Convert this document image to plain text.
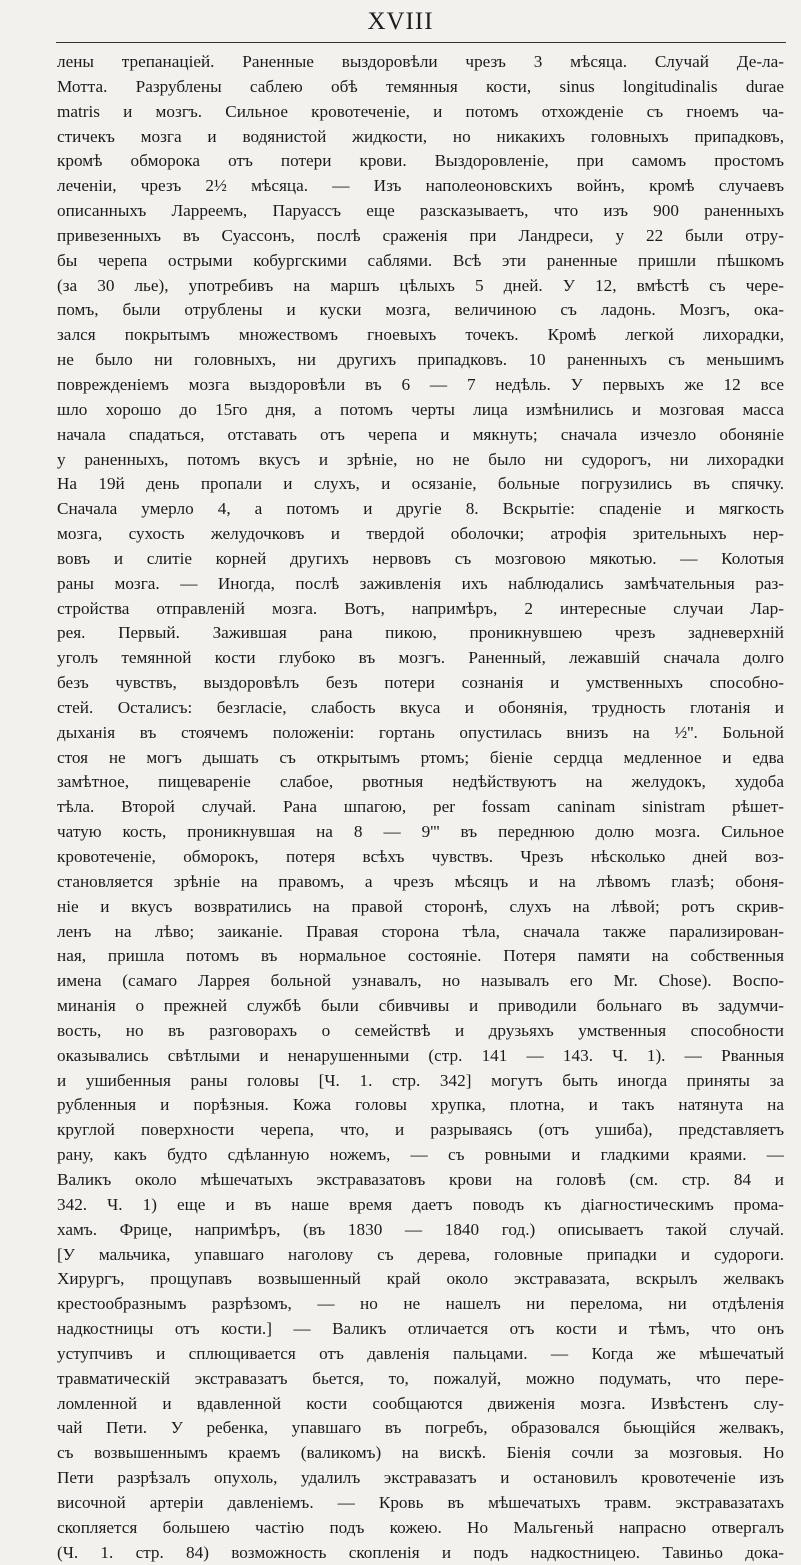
XVIII
лены трепанацiей. Раненные выздоровѣли чрезъ 3 мѣсяца. Случай Де-ла-
Мотта. Разрублены саблею обѣ темянныя кости, sinus longitudinalis durae
matris и мозгъ. Сильное кровотеченiе, и потомъ отхожденiе съ гноемъ ча-
стичекъ мозга и водянистой жидкости, но никакихъ головныхъ припадковъ,
кромѣ обморока отъ потери крови. Выздоровленiе, при самомъ простомъ
леченiи, чрезъ 2½ мѣсяца. — Изъ наполеоновскихъ войнъ, кромѣ случаевъ
описанныхъ Ларреемъ, Паруассъ еще разсказываетъ, что изъ 900 раненныхъ
привезенныхъ въ Суассонъ, послѣ сраженiя при Ландреси, у 22 были отру-
бы черепа острыми кобургскими саблями. Всѣ эти раненные пришли пѣшкомъ
(за 30 лье), употребивъ на маршъ цѣлыхъ 5 дней. У 12, вмѣстѣ съ чере-
помъ, были отрублены и куски мозга, величиною съ ладонь. Мозгъ, ока-
зался покрытымъ множествомъ гноевыхъ точекъ. Кромѣ легкой лихорадки,
не было ни головныхъ, ни другихъ припадковъ. 10 раненныхъ съ меньшимъ
поврежденiемъ мозга выздоровѣли въ 6 — 7 недѣль. У первыхъ же 12 все
шло хорошо до 15го дня, а потомъ черты лица измѣнились и мозговая масса
начала спадаться, отставать отъ черепа и мякнуть; сначала изчезло обонянiе
у раненныхъ, потомъ вкусъ и зрѣнiе, но не было ни судорогъ, ни лихорадки
На 19й день пропали и слухъ, и осязанiе, больные погрузились въ спячку.
Сначала умерло 4, а потомъ и другiе 8. Вскрытiе: спаденiе и мягкость
мозга, сухость желудочковъ и твердой оболочки; атрофiя зрительныхъ нер-
вовъ и слитiе корней другихъ нервовъ съ мозговою мякотью. — Колотыя
раны мозга. — Иногда, послѣ заживленiя ихъ наблюдались замѣчательныя раз-
стройства отправленiй мозга. Вотъ, напримѣръ, 2 интересные случаи Лар-
рея. Первый. Зажившая рана пикою, проникнувшею чрезъ задневерхнiй
уголъ темянной кости глубоко въ мозгъ. Раненный, лежавшiй сначала долго
безъ чувствъ, выздоровѣлъ безъ потери сознанiя и умственныхъ способно-
стей. Осталисъ: безгласiе, слабость вкуса и обонянiя, трудность глотанiя и
дыханiя въ стоячемъ положенiи: гортань опустилась внизъ на ½''. Больной
стоя не могъ дышать съ открытымъ ртомъ; бiенiе сердца медленное и едва
замѣтное, пищеваренiе слабое, рвотныя недѣйствуютъ на желудокъ, худоба
тѣла. Второй случай. Рана шпагою, per fossam caninam sinistram рѣшет-
чатую кость, проникнувшая на 8 — 9''' въ переднюю долю мозга. Сильное
кровотеченiе, обморокъ, потеря всѣхъ чувствъ. Чрезъ нѣсколько дней воз-
становляется зрѣнiе на правомъ, а чрезъ мѣсяцъ и на лѣвомъ глазѣ; обоня-
нiе и вкусъ возвратились на правой сторонѣ, слухъ на лѣвой; ротъ скрив-
ленъ на лѣво; заиканiе. Правая сторона тѣла, сначала также парализирован-
ная, пришла потомъ въ нормальное состоянiе. Потеря памяти на собственныя
имена (самаго Ларрея больной узнавалъ, но называлъ его Mr. Chose). Воспо-
минанiя о прежней службѣ были сбивчивы и приводили больнаго въ задумчи-
вость, но въ разговорахъ о семействѣ и друзьяхъ умственныя способности
оказывались свѣтлыми и ненарушенными (стр. 141 — 143. Ч. 1). — Рванныя
и ушибенныя раны головы [Ч. 1. стр. 342] могутъ быть иногда приняты за
рубленныя и порѣзныя. Кожа головы хрупка, плотна, и такъ натянута на
круглой поверхности черепа, что, и разрываясь (отъ ушиба), представляетъ
рану, какъ будто сдѣланную ножемъ, — съ ровными и гладкими краями. —
Валикъ около мѣшечатыхъ экстравазатовъ крови на головѣ (см. стр. 84 и
342. Ч. 1) еще и въ наше время даетъ поводъ къ дiагностическимъ прома-
хамъ. Фрице, напримѣръ, (въ 1830 — 1840 год.) описываетъ такой случай.
[У мальчика, упавшаго наголову съ дерева, головные припадки и судороги.
Хирургъ, прощупавъ возвышенный край около экстравазата, вскрылъ желвакъ
крестообразнымъ разрѣзомъ, — но не нашелъ ни перелома, ни отдѣленiя
надкостницы отъ кости.] — Валикъ отличается отъ кости и тѣмъ, что онъ
уступчивъ и сплющивается отъ давленiя пальцами. — Когда же мѣшечатый
травматическiй экстравазатъ бьется, то, пожалуй, можно подумать, что пере-
ломленной и вдавленной кости сообщаются движенiя мозга. Извѣстенъ слу-
чай Пети. У ребенка, упавшаго въ погребъ, образовался бьющiйся желвакъ,
съ возвышеннымъ краемъ (валикомъ) на вискѣ. Бiенiя сочли за мозговыя. Но
Пети разрѣзалъ опухоль, удалилъ экстравазатъ и остановилъ кровотеченiе изъ
височной артерiи давленiемъ. — Кровь въ мѣшечатыхъ травм. экстравазатахъ
скопляется большею частiю подъ кожею. Но Мальгеньй напрасно отвергалъ
(Ч. 1. стр. 84) возможность скопленiя и подъ надкостницею. Тавиньо дока-
